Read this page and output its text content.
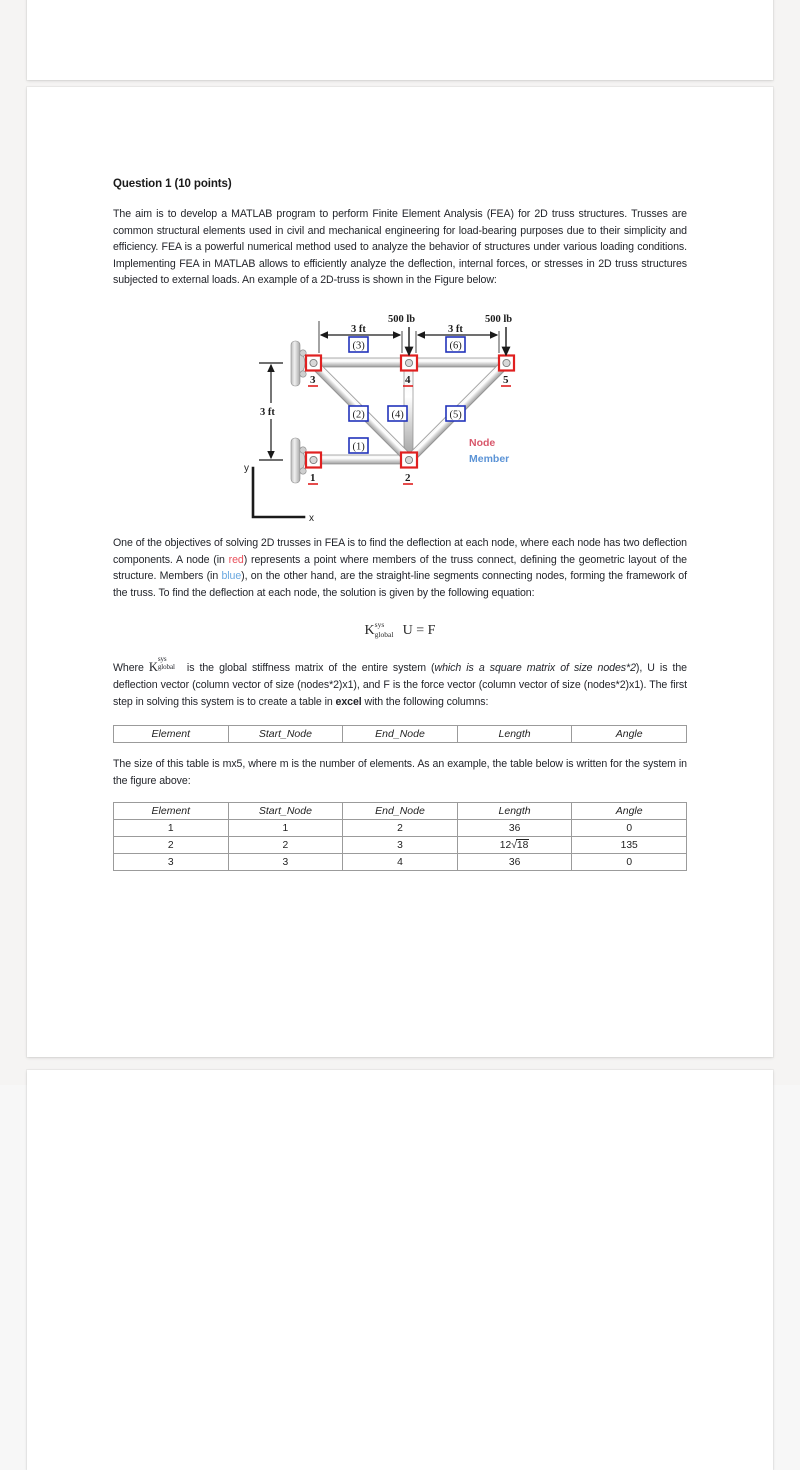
Question 1 (10 points)

The aim is to develop a MATLAB program to perform Finite Element Analysis (FEA) for 2D truss structures. Trusses are common structural elements used in civil and mechanical engineering for load-bearing purposes due to their simplicity and efficiency. FEA is a powerful numerical method used to analyze the behavior of structures under various loading conditions. Implementing FEA in MATLAB allows to efficiently analyze the deflection, internal forces, or stresses in 2D truss structures subjected to external loads. An example of a 2D-truss is shown in the Figure below:

3	4	5
1	2
(3)	(6)
(2)	(4)	(5)
(1)
500 lb	500 lb
3 ft	3 ft
3 ft
y
x
Node
Member

One of the objectives of solving 2D trusses in FEA is to find the deflection at each node, where each node has two deflection components. A node (in red) represents a point where members of the truss connect, defining the geometric layout of the structure. Members (in blue), on the other hand, are the straight-line segments connecting nodes, forming the framework of the truss. To find the deflection at each node, the solution is given by the following equation:

K sys
global U = F

Where K
sys
global is the global stiffness matrix of the entire system (which is a square matrix of size nodes*2), U is the deflection vector (column vector of size (nodes*2)x1), and F is the force vector (column vector of size (nodes*2)x1). The first step in solving this system is to create a table in excel with the following columns:

Element	Start_Node	End_Node	Length	Angle

The size of this table is mx5, where m is the number of elements. As an example, the table below is written for the system in the figure above:

Element	Start_Node	End_Node	Length	Angle
1	1	2	36	0
2	2	3	12√18	135
3	3	4	36	0
